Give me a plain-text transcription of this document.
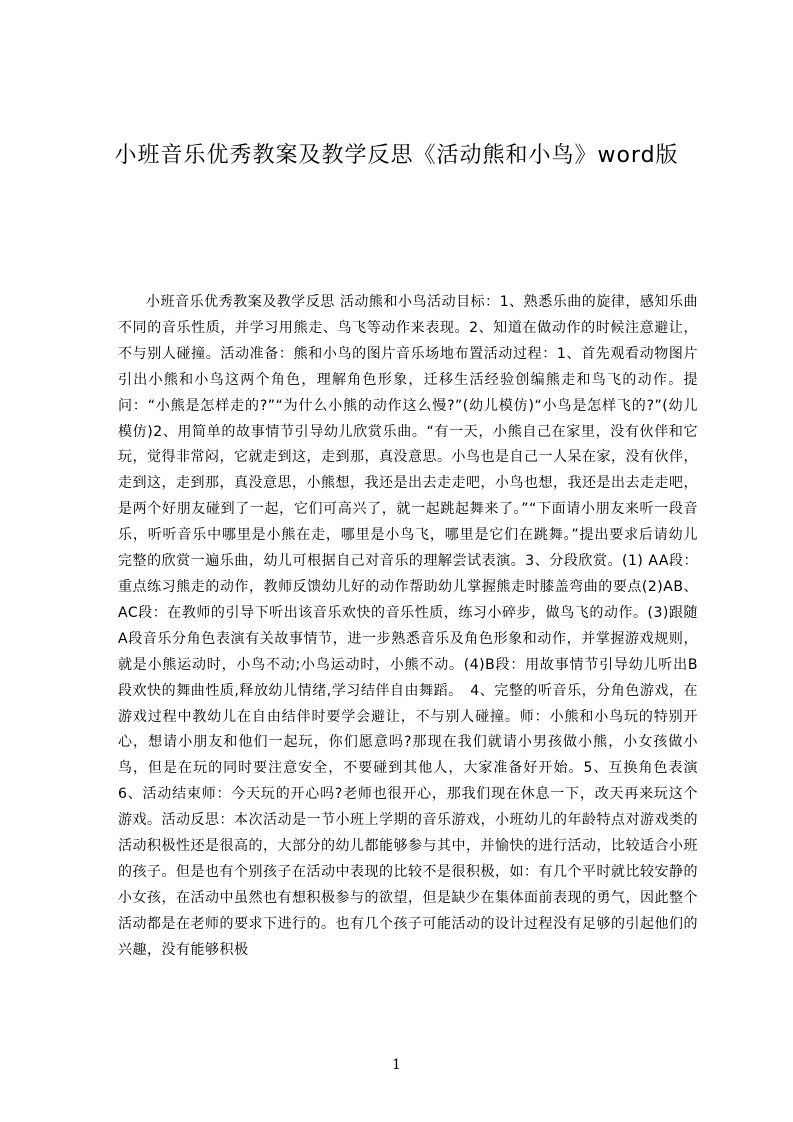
小班音乐优秀教案及教学反思《活动熊和小鸟》word版
小班音乐优秀教案及教学反思 活动熊和小鸟活动目标：1、熟悉乐曲的旋律，感知乐曲不同的音乐性质，并学习用熊走、鸟飞等动作来表现。2、知道在做动作的时候注意避让，不与别人碰撞。活动准备：熊和小鸟的图片音乐场地布置活动过程：1、首先观看动物图片引出小熊和小鸟这两个角色，理解角色形象，迁移生活经验创编熊走和鸟飞的动作。提问：“小熊是怎样走的?”“为什么小熊的动作这么慢?”(幼儿模仿)“小鸟是怎样飞的?”(幼儿模仿)2、用简单的故事情节引导幼儿欣赏乐曲。“有一天，小熊自己在家里，没有伙伴和它玩，觉得非常闷，它就走到这，走到那，真没意思。小鸟也是自己一人呆在家，没有伙伴，走到这，走到那，真没意思，小熊想，我还是出去走走吧，小鸟也想，我还是出去走走吧，是两个好朋友碰到了一起，它们可高兴了，就一起跳起舞来了。”“下面请小朋友来听一段音乐，听听音乐中哪里是小熊在走，哪里是小鸟飞，哪里是它们在跳舞。”提出要求后请幼儿完整的欣赏一遍乐曲，幼儿可根据自己对音乐的理解尝试表演。3、分段欣赏。(1) AA段：重点练习熊走的动作，教师反馈幼儿好的动作帮助幼儿掌握熊走时膝盖弯曲的要点(2)AB、AC段：在教师的引导下听出该音乐欢快的音乐性质，练习小碎步，做鸟飞的动作。(3)跟随A段音乐分角色表演有关故事情节，进一步熟悉音乐及角色形象和动作，并掌握游戏规则，就是小熊运动时，小鸟不动;小鸟运动时，小熊不动。(4)B段：用故事情节引导幼儿听出B段欢快的舞曲性质,释放幼儿情绪,学习结伴自由舞蹈。　4、完整的听音乐，分角色游戏，在游戏过程中教幼儿在自由结伴时要学会避让，不与别人碰撞。师：小熊和小鸟玩的特别开心，想请小朋友和他们一起玩，你们愿意吗?那现在我们就请小男孩做小熊，小女孩做小鸟，但是在玩的同时要注意安全，不要碰到其他人，大家准备好开始。5、互换角色表演 6、活动结束师：今天玩的开心吗?老师也很开心，那我们现在休息一下，改天再来玩这个游戏。活动反思：本次活动是一节小班上学期的音乐游戏，小班幼儿的年龄特点对游戏类的活动积极性还是很高的，大部分的幼儿都能够参与其中，并愉快的进行活动，比较适合小班的孩子。但是也有个别孩子在活动中表现的比较不是很积极，如：有几个平时就比较安静的小女孩，在活动中虽然也有想积极参与的欲望，但是缺少在集体面前表现的勇气，因此整个活动都是在老师的要求下进行的。也有几个孩子可能活动的设计过程没有足够的引起他们的兴趣，没有能够积极
1
